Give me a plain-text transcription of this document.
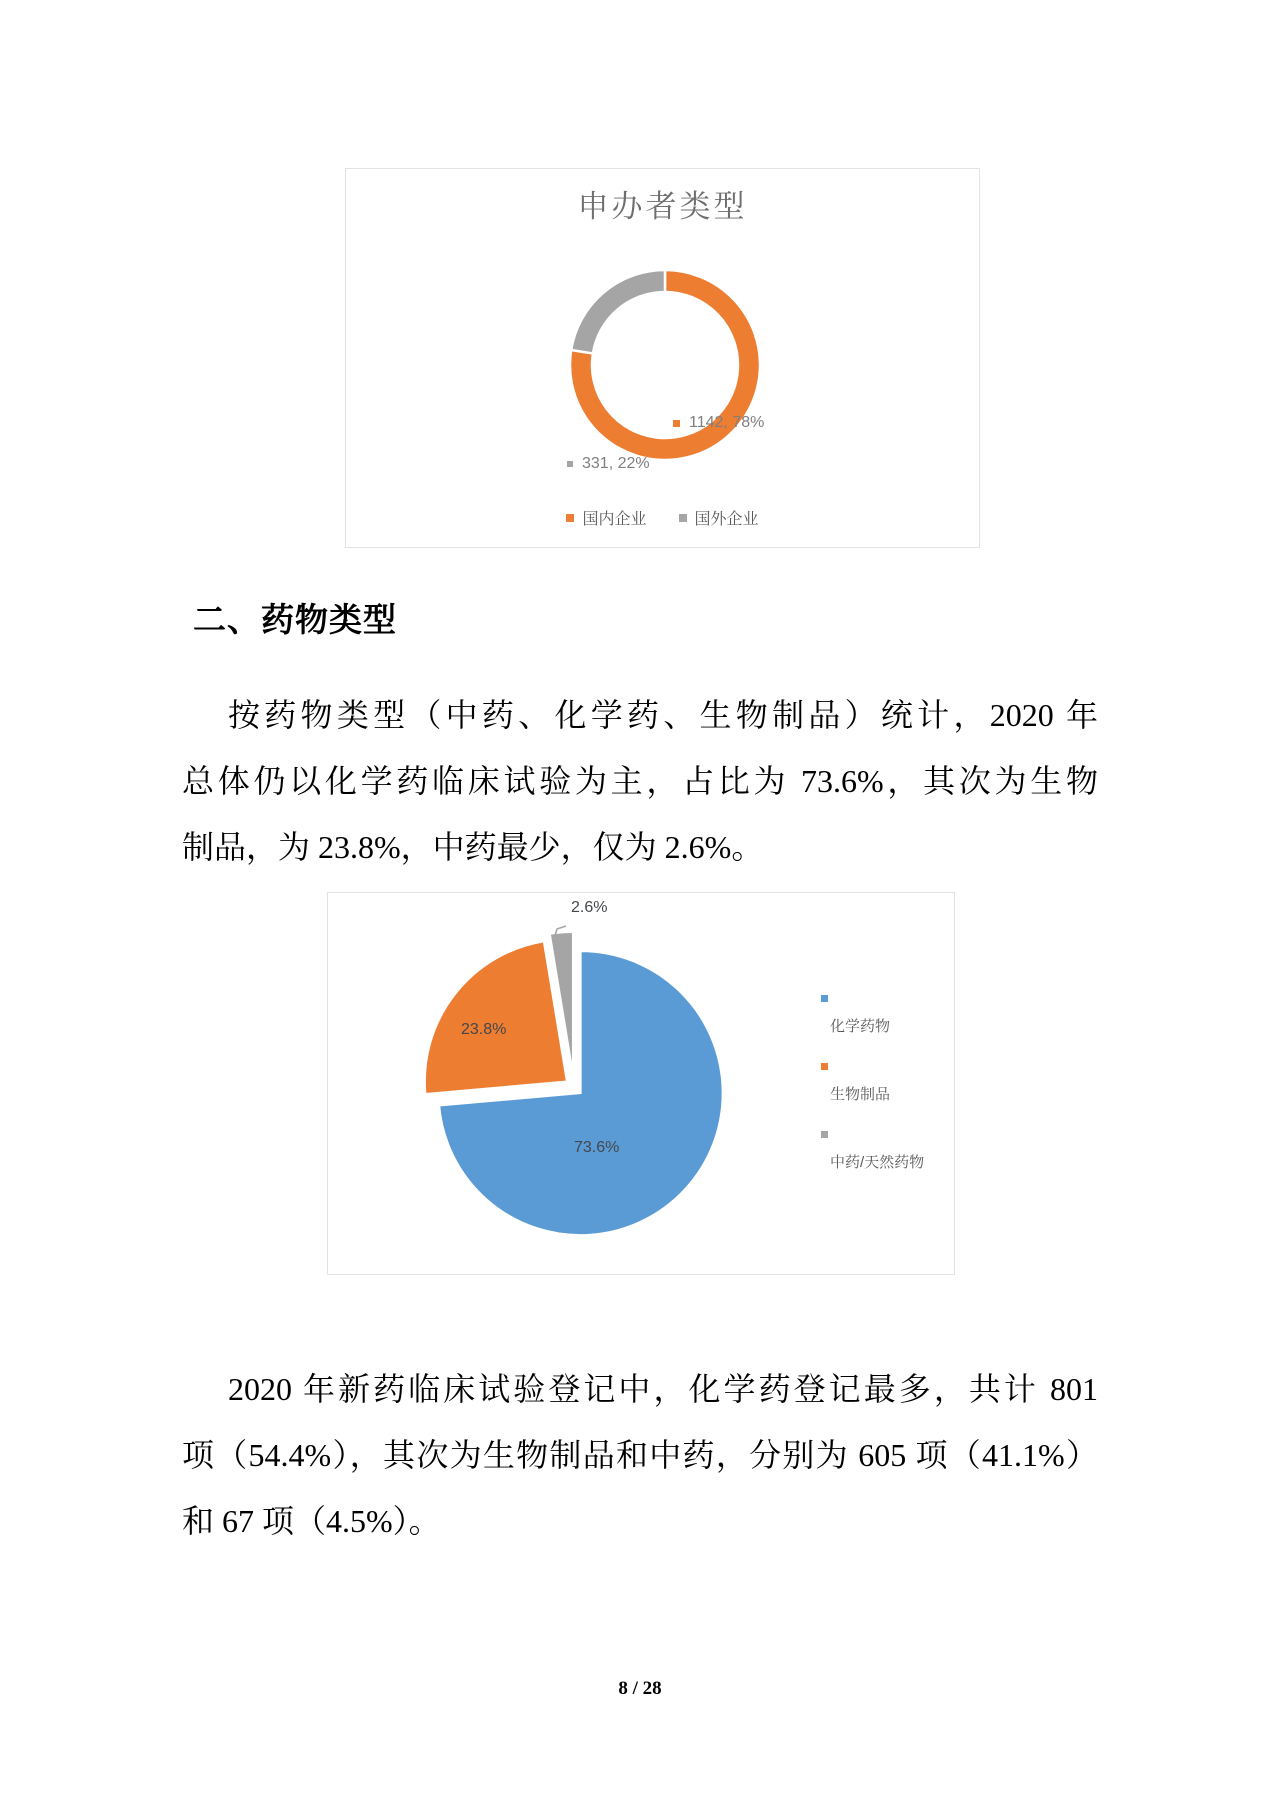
申办者类型
331, 22%
1142, 78%
国内企业	国外企业
二、药物类型
按药物类型（中药、化学药、生物制品）统计，2020 年
总体仍以化学药临床试验为主，占比为 73.6%，其次为生物
制品，为 23.8%，中药最少，仅为 2.6%。
2.6%
23.8%
73.6%
化学药物
生物制品
中药/天然药物
2020 年新药临床试验登记中，化学药登记最多，共计 801
项（54.4%），其次为生物制品和中药，分别为 605 项（41.1%）
和 67 项（4.5%）。
8 / 28
